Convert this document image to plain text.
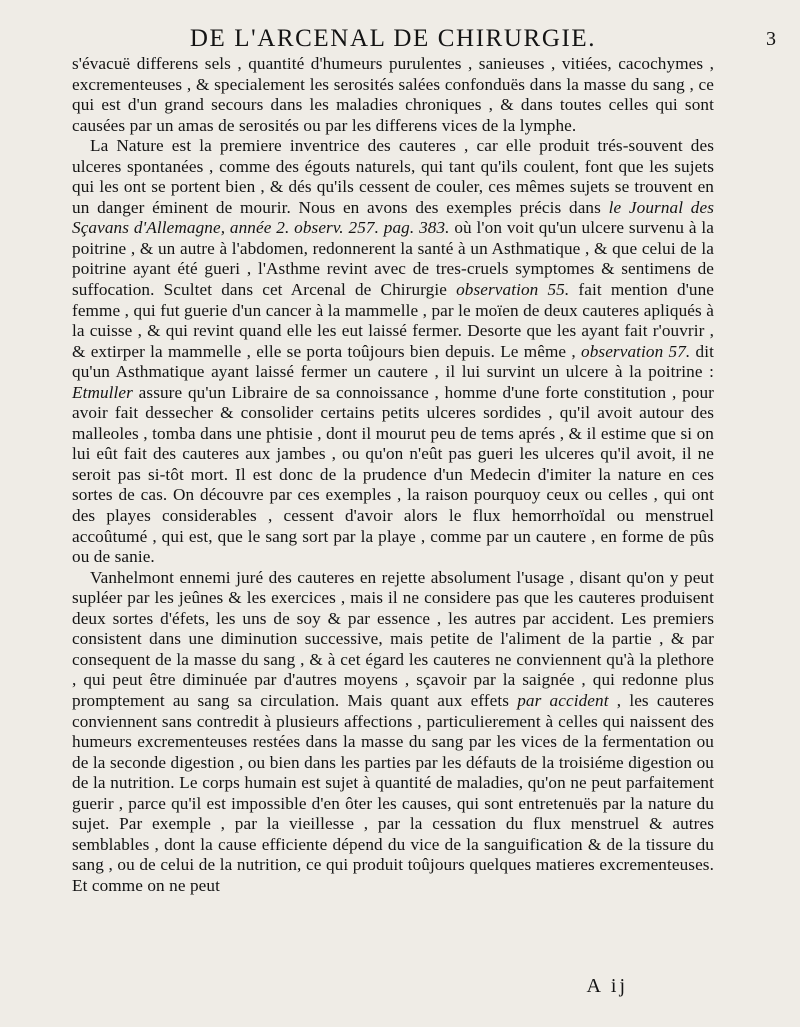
DE L'ARCENAL DE CHIRURGIE.	3

s'évacuë differens sels , quantité d'humeurs purulentes , sanieuses , vitiées, cacochymes , excrementeuses , & specialement les serosités salées confonduës dans la masse du sang , ce qui est d'un grand secours dans les maladies chroniques , & dans toutes celles qui sont causées par un amas de serosités ou par les differens vices de la lymphe.

La Nature est la premiere inventrice des cauteres , car elle produit trés-souvent des ulceres spontanées , comme des égouts naturels, qui tant qu'ils coulent, font que les sujets qui les ont se portent bien , & dés qu'ils cessent de couler, ces mêmes sujets se trouvent en un danger éminent de mourir. Nous en avons des exemples précis dans le Journal des Sçavans d'Allemagne, année 2. observ. 257. pag. 383. où l'on voit qu'un ulcere survenu à la poitrine , & un autre à l'abdomen, redonnerent la santé à un Asthmatique , & que celui de la poitrine ayant été gueri , l'Asthme revint avec de tres-cruels symptomes & sentimens de suffocation. Scultet dans cet Arcenal de Chirurgie observation 55. fait mention d'une femme , qui fut guerie d'un cancer à la mammelle , par le moïen de deux cauteres apliqués à la cuisse , & qui revint quand elle les eut laissé fermer. Desorte que les ayant fait r'ouvrir , & extirper la mammelle , elle se porta toûjours bien depuis. Le même , observation 57. dit qu'un Asthmatique ayant laissé fermer un cautere , il lui survint un ulcere à la poitrine : Etmuller assure qu'un Libraire de sa connoissance , homme d'une forte constitution , pour avoir fait dessecher & consolider certains petits ulceres sordides , qu'il avoit autour des malleoles , tomba dans une phtisie , dont il mourut peu de tems aprés , & il estime que si on lui eût fait des cauteres aux jambes , ou qu'on n'eût pas gueri les ulceres qu'il avoit, il ne seroit pas si-tôt mort. Il est donc de la prudence d'un Medecin d'imiter la nature en ces sortes de cas. On découvre par ces exemples , la raison pourquoy ceux ou celles , qui ont des playes considerables , cessent d'avoir alors le flux hemorrhoïdal ou menstruel accoûtumé , qui est, que le sang sort par la playe , comme par un cautere , en forme de pûs ou de sanie.

Vanhelmont ennemi juré des cauteres en rejette absolument l'usage , disant qu'on y peut supléer par les jeûnes & les exercices , mais il ne considere pas que les cauteres produisent deux sortes d'éfets, les uns de soy & par essence , les autres par accident. Les premiers consistent dans une diminution successive, mais petite de l'aliment de la partie , & par consequent de la masse du sang , & à cet égard les cauteres ne conviennent qu'à la plethore , qui peut être diminuée par d'autres moyens , sçavoir par la saignée , qui redonne plus promptement au sang sa circulation. Mais quant aux effets par accident , les cauteres conviennent sans contredit à plusieurs affections , particulierement à celles qui naissent des humeurs excrementeuses restées dans la masse du sang par les vices de la fermentation ou de la seconde digestion , ou bien dans les parties par les défauts de la troisiéme digestion ou de la nutrition. Le corps humain est sujet à quantité de maladies, qu'on ne peut parfaitement guerir , parce qu'il est impossible d'en ôter les causes, qui sont entretenuës par la nature du sujet. Par exemple , par la vieillesse , par la cessation du flux menstruel & autres semblables , dont la cause efficiente dépend du vice de la sanguification & de la tissure du sang , ou de celui de la nutrition, ce qui produit toûjours quelques matieres excrementeuses. Et comme on ne peut

A ij
